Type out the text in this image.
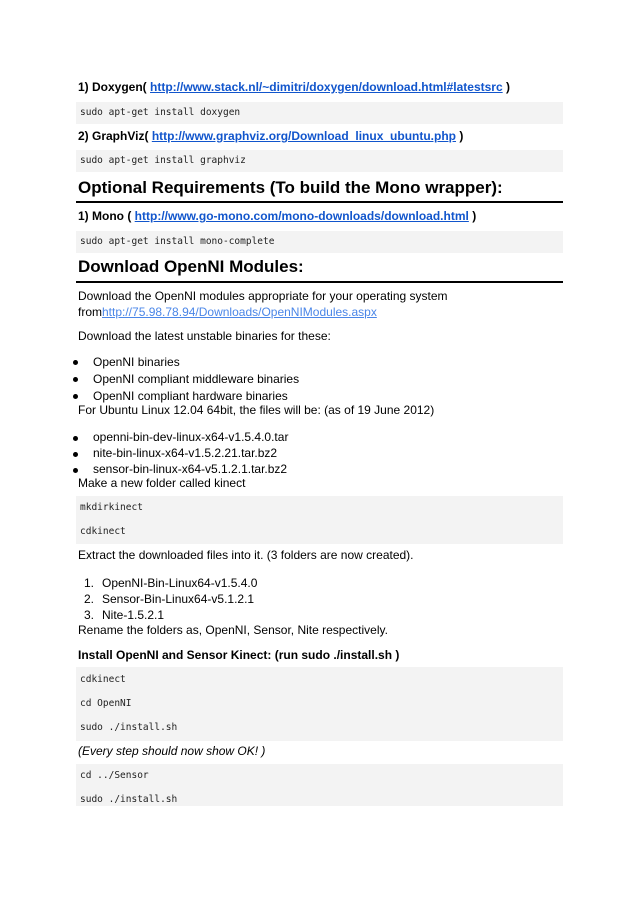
1) Doxygen( http://www.stack.nl/~dimitri/doxygen/download.html#latestsrc )
sudo apt-get install doxygen
2) GraphViz( http://www.graphviz.org/Download_linux_ubuntu.php )
sudo apt-get install graphviz
Optional Requirements (To build the Mono wrapper):
1) Mono ( http://www.go-mono.com/mono-downloads/download.html )
sudo apt-get install mono-complete
Download OpenNI Modules:
Download the OpenNI modules appropriate for your operating system
fromhttp://75.98.78.94/Downloads/OpenNIModules.aspx
Download the latest unstable binaries for these:
OpenNI binaries
OpenNI compliant middleware binaries
OpenNI compliant hardware binaries
For Ubuntu Linux 12.04 64bit, the files will be: (as of 19 June 2012)
openni-bin-dev-linux-x64-v1.5.4.0.tar
nite-bin-linux-x64-v1.5.2.21.tar.bz2
sensor-bin-linux-x64-v5.1.2.1.tar.bz2
Make a new folder called kinect
mkdirkinect
cdkinect
Extract the downloaded files into it. (3 folders are now created).
1. OpenNI-Bin-Linux64-v1.5.4.0
2. Sensor-Bin-Linux64-v5.1.2.1
3. Nite-1.5.2.1
Rename the folders as, OpenNI, Sensor, Nite respectively.
Install OpenNI and Sensor Kinect: (run sudo ./install.sh )
cdkinect
cd OpenNI
sudo ./install.sh
(Every step should now show OK! )
cd ../Sensor
sudo ./install.sh
